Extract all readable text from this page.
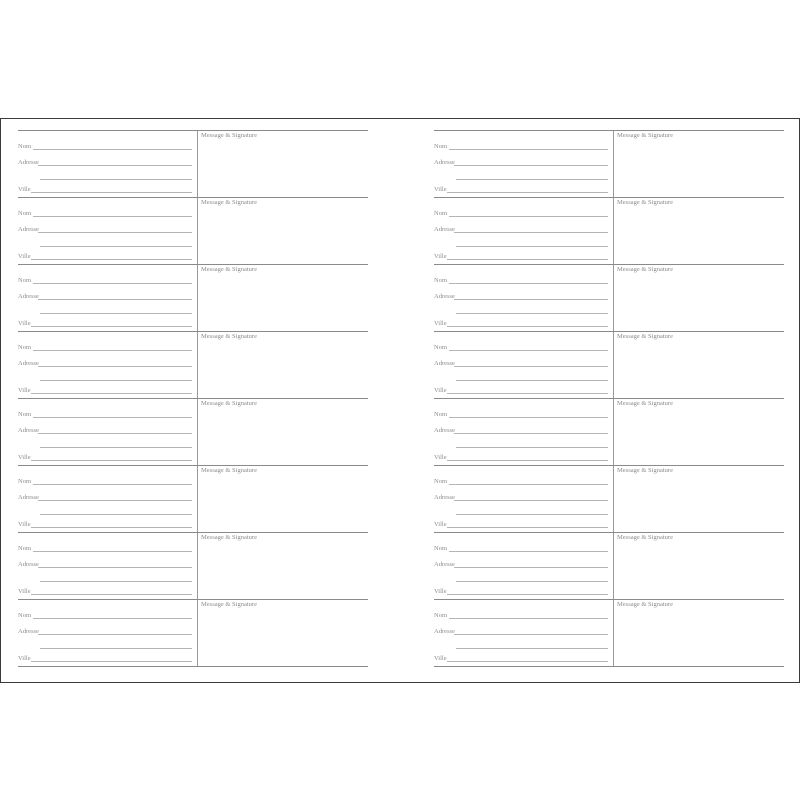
Nom
Adresse
Ville
Message & Signature
Nom
Adresse
Ville
Message & Signature
Nom
Adresse
Ville
Message & Signature
Nom
Adresse
Ville
Message & Signature
Nom
Adresse
Ville
Message & Signature
Nom
Adresse
Ville
Message & Signature
Nom
Adresse
Ville
Message & Signature
Nom
Adresse
Ville
Message & Signature
Nom
Adresse
Ville
Message & Signature
Nom
Adresse
Ville
Message & Signature
Nom
Adresse
Ville
Message & Signature
Nom
Adresse
Ville
Message & Signature
Nom
Adresse
Ville
Message & Signature
Nom
Adresse
Ville
Message & Signature
Nom
Adresse
Ville
Message & Signature
Nom
Adresse
Ville
Message & Signature
